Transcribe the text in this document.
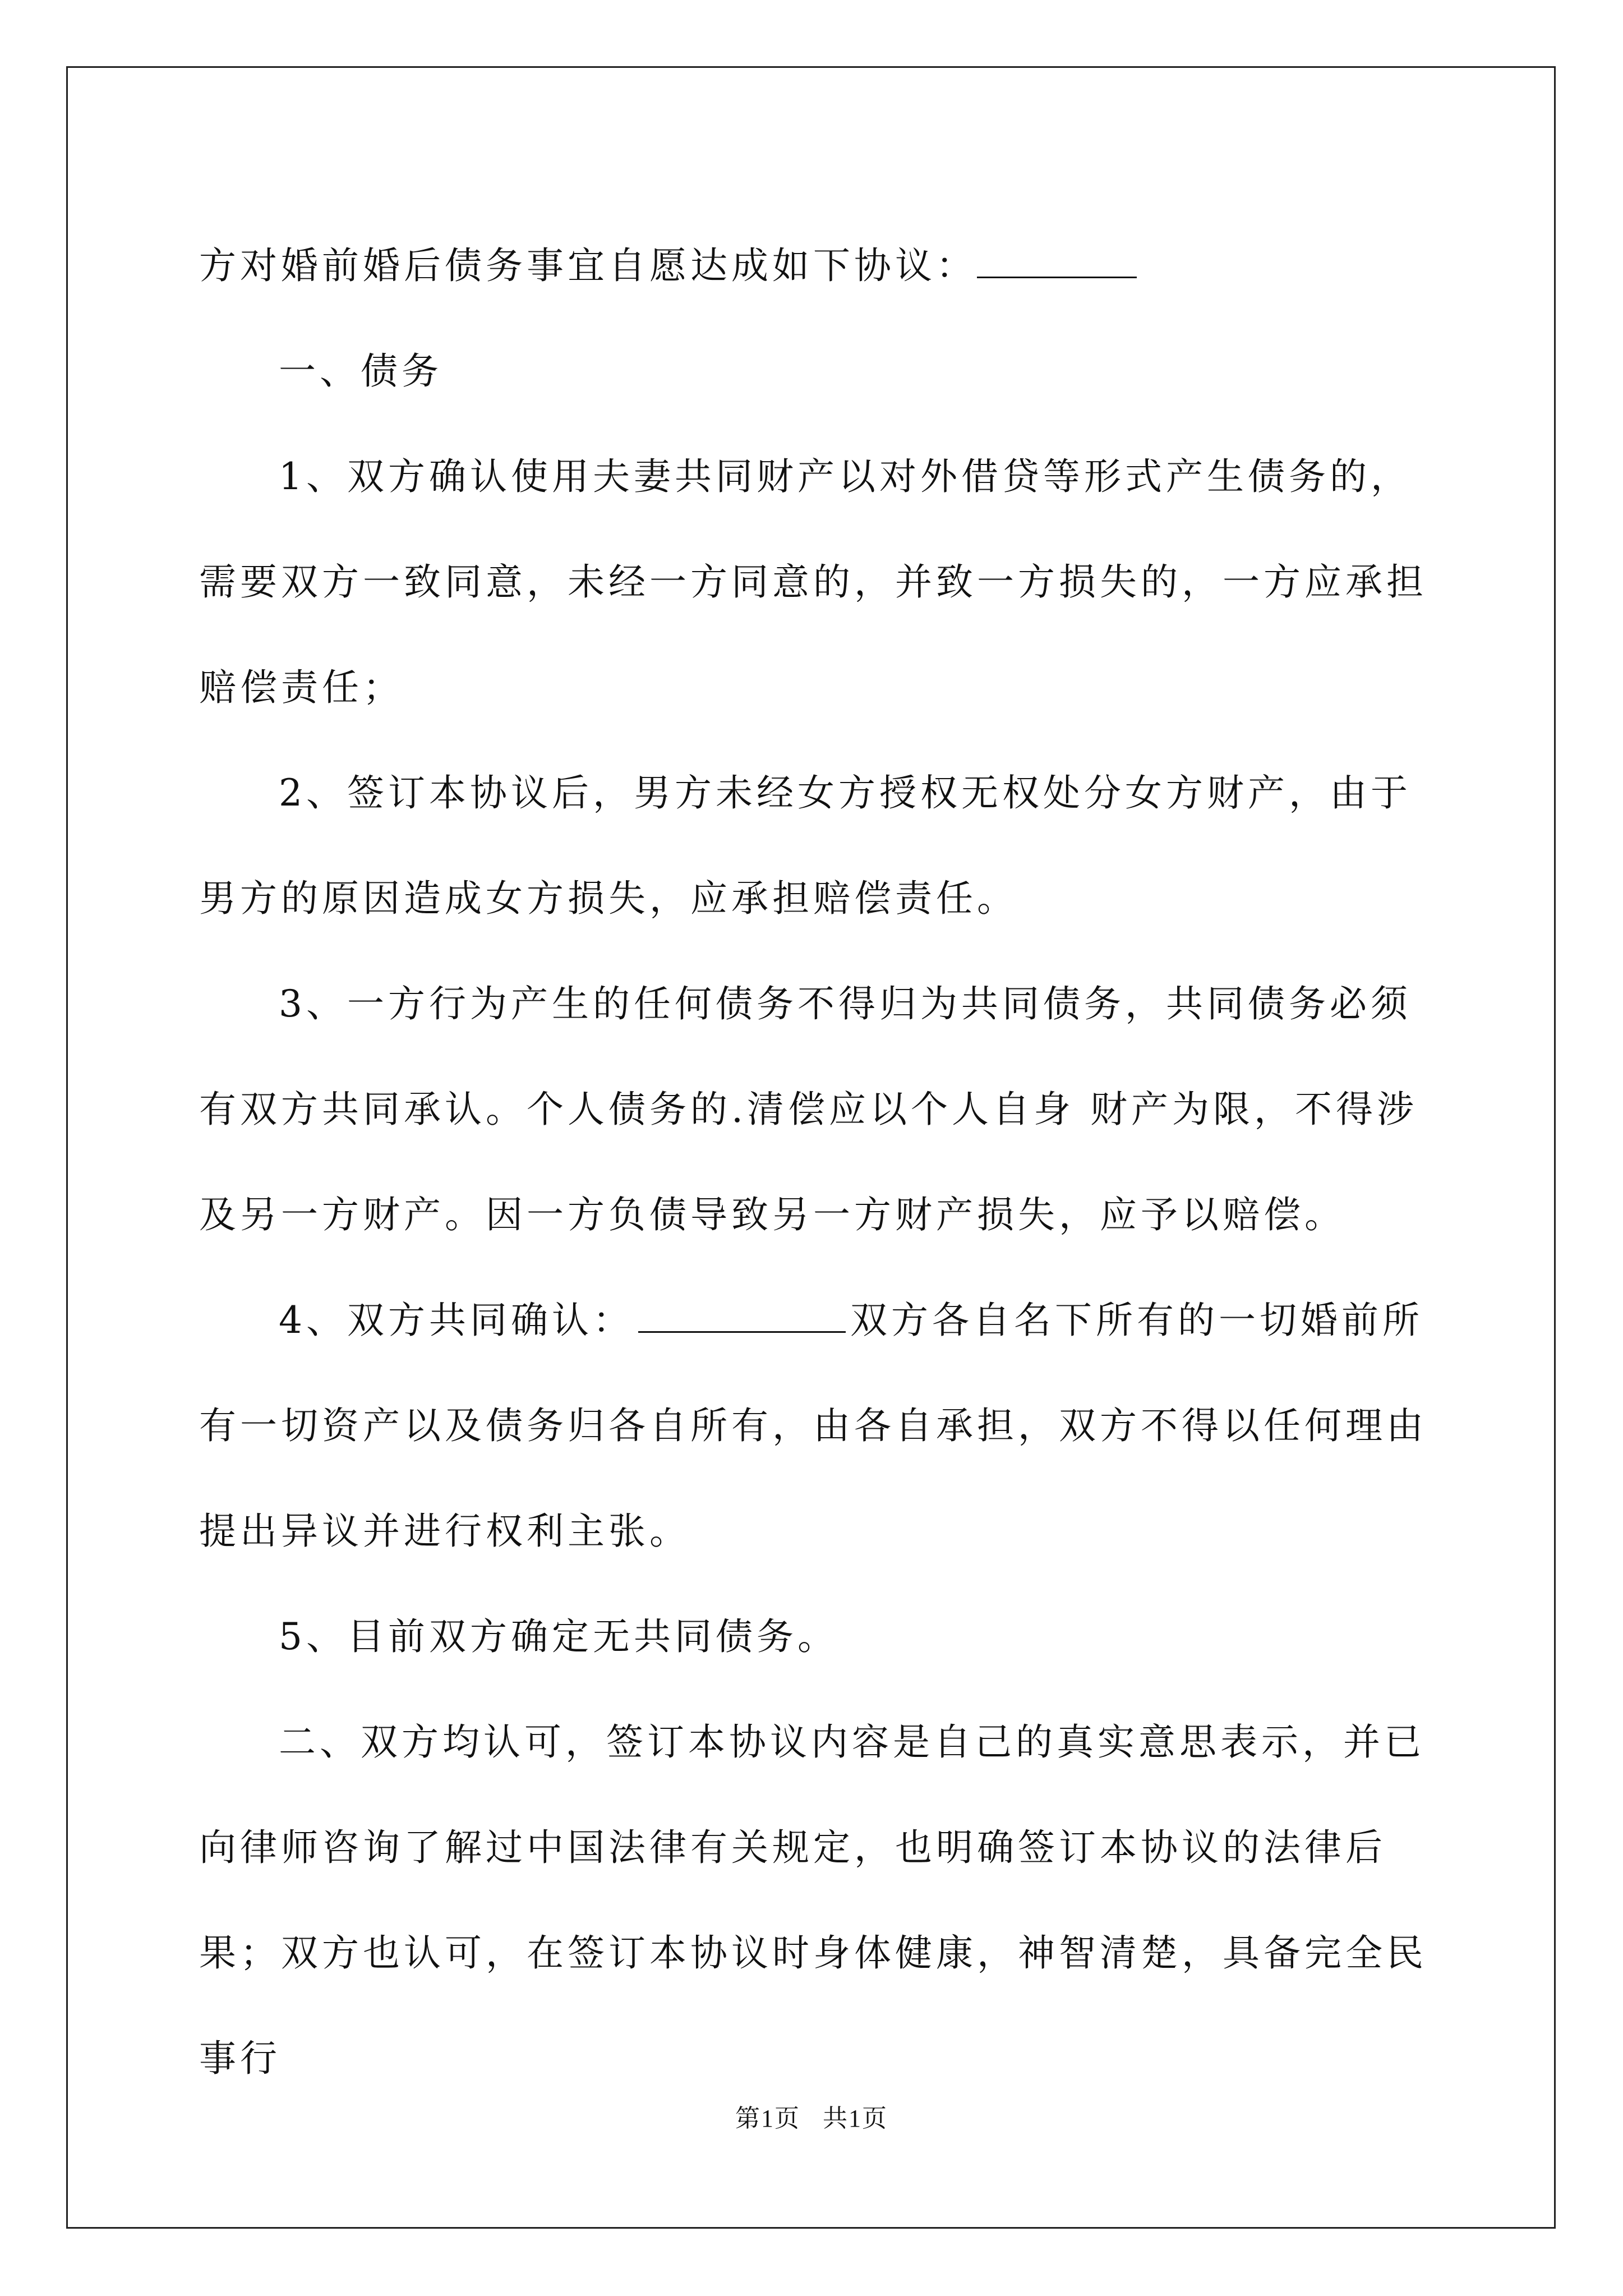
方对婚前婚后债务事宜自愿达成如下协议：

一、债务

1、双方确认使用夫妻共同财产以对外借贷等形式产生债务的，需要双方一致同意，未经一方同意的，并致一方损失的，一方应承担赔偿责任；

2、签订本协议后，男方未经女方授权无权处分女方财产，由于男方的原因造成女方损失，应承担赔偿责任。

3、一方行为产生的任何债务不得归为共同债务，共同债务必须有双方共同承认。个人债务的.清偿应以个人自身 财产为限，不得涉及另一方财产。因一方负债导致另一方财产损失，应予以赔偿。

4、双方共同确认：	双方各自名下所有的一切婚前所有一切资产以及债务归各自所有，由各自承担，双方不得以任何理由提出异议并进行权利主张。

5、目前双方确定无共同债务。

二、双方均认可，签订本协议内容是自己的真实意思表示，并已向律师咨询了解过中国法律有关规定，也明确签订本协议的法律后果；双方也认可，在签订本协议时身体健康，神智清楚，具备完全民事行

第1页 共1页
